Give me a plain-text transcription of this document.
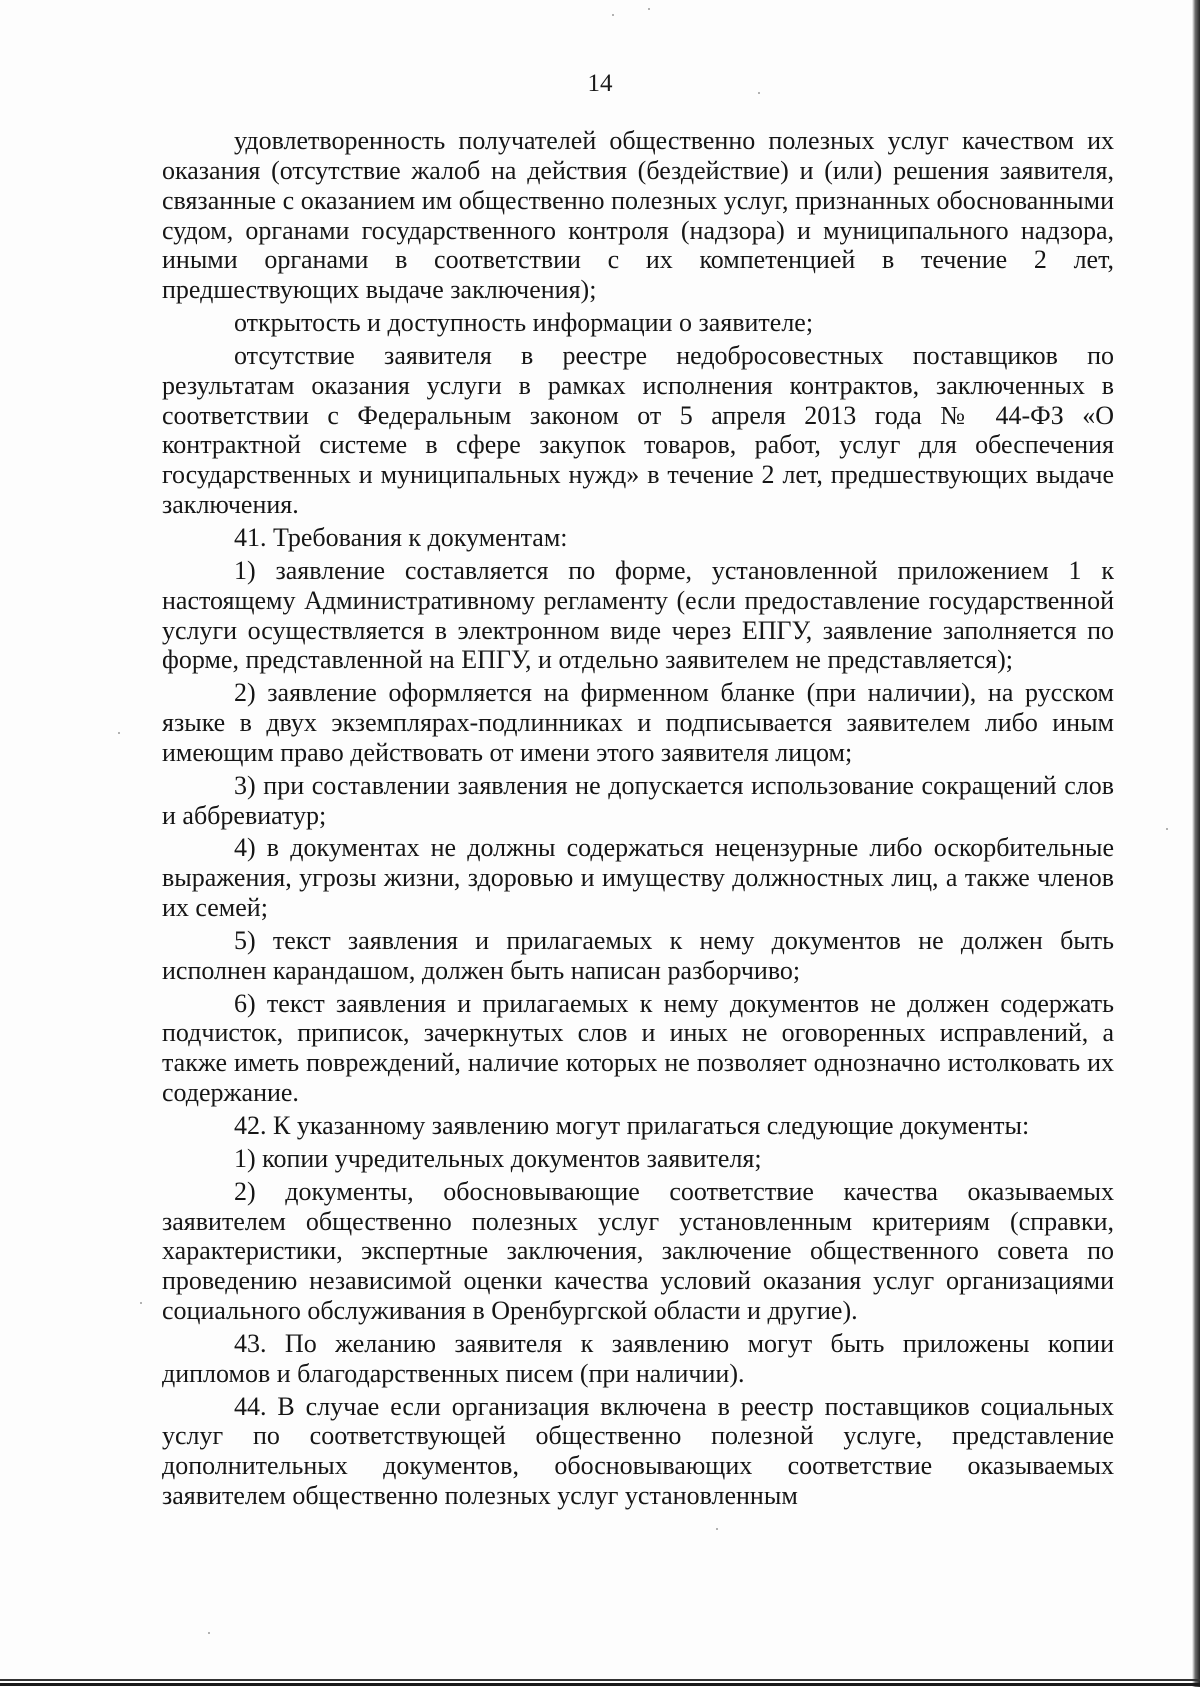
14

удовлетворенность получателей общественно полезных услуг качеством их оказания (отсутствие жалоб на действия (бездействие) и (или) решения заявителя, связанные с оказанием им общественно полезных услуг, признанных обоснованными судом, органами государственного контроля (надзора) и муниципального надзора, иными органами в соответствии с их компетенцией в течение 2 лет, предшествующих выдаче заключения);

открытость и доступность информации о заявителе;

отсутствие заявителя в реестре недобросовестных поставщиков по результатам оказания услуги в рамках исполнения контрактов, заключенных в соответствии с Федеральным законом от 5 апреля 2013 года № 44-ФЗ «О контрактной системе в сфере закупок товаров, работ, услуг для обеспечения государственных и муниципальных нужд» в течение 2 лет, предшествующих выдаче заключения.

41. Требования к документам:

1) заявление составляется по форме, установленной приложением 1 к настоящему Административному регламенту (если предоставление государственной услуги осуществляется в электронном виде через ЕПГУ, заявление заполняется по форме, представленной на ЕПГУ, и отдельно заявителем не представляется);

2) заявление оформляется на фирменном бланке (при наличии), на русском языке в двух экземплярах-подлинниках и подписывается заявителем либо иным имеющим право действовать от имени этого заявителя лицом;

3) при составлении заявления не допускается использование сокращений слов и аббревиатур;

4) в документах не должны содержаться нецензурные либо оскорбительные выражения, угрозы жизни, здоровью и имуществу должностных лиц, а также членов их семей;

5) текст заявления и прилагаемых к нему документов не должен быть исполнен карандашом, должен быть написан разборчиво;

6) текст заявления и прилагаемых к нему документов не должен содержать подчисток, приписок, зачеркнутых слов и иных не оговоренных исправлений, а также иметь повреждений, наличие которых не позволяет однозначно истолковать их содержание.

42. К указанному заявлению могут прилагаться следующие документы:

1) копии учредительных документов заявителя;

2) документы, обосновывающие соответствие качества оказываемых заявителем общественно полезных услуг установленным критериям (справки, характеристики, экспертные заключения, заключение общественного совета по проведению независимой оценки качества условий оказания услуг организациями социального обслуживания в Оренбургской области и другие).

43. По желанию заявителя к заявлению могут быть приложены копии дипломов и благодарственных писем (при наличии).

44. В случае если организация включена в реестр поставщиков социальных услуг по соответствующей общественно полезной услуге, представление дополнительных документов, обосновывающих соответствие оказываемых заявителем общественно полезных услуг установленным
